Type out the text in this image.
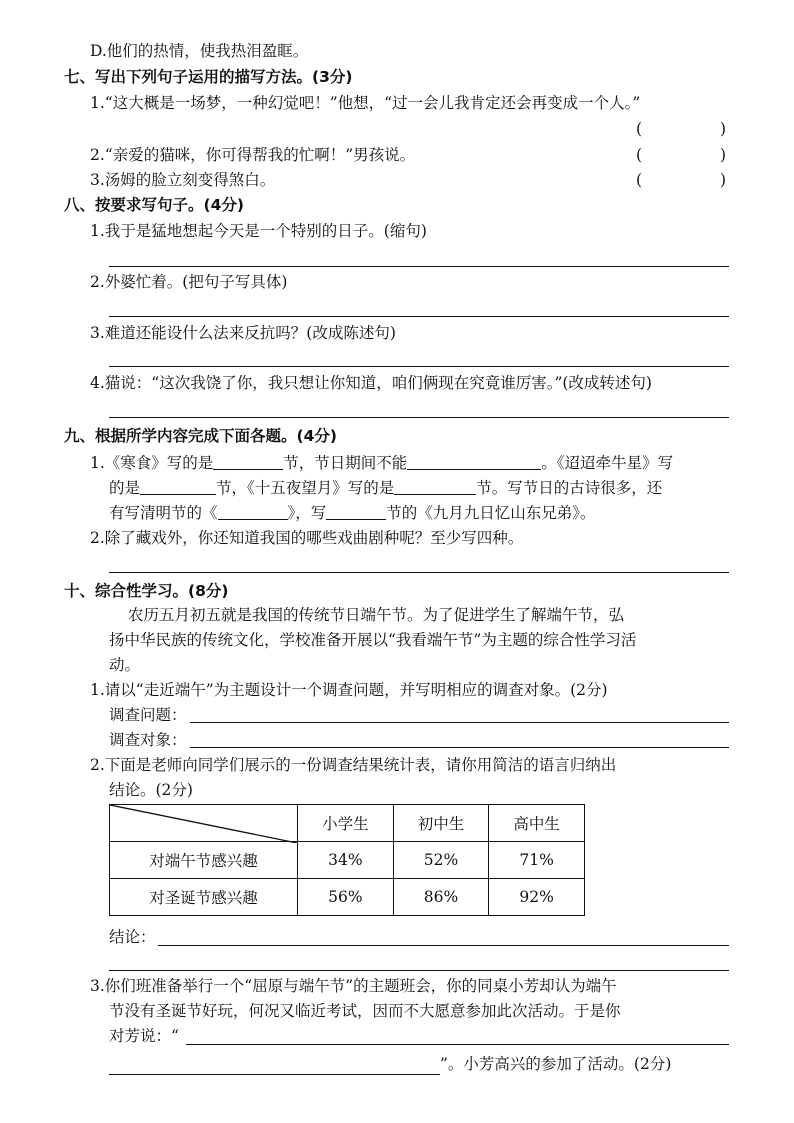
D.他们的热情，使我热泪盈眶。
七、写出下列句子运用的描写方法。(3分)
1.“这大概是一场梦，一种幻觉吧！”他想，“过一会儿我肯定还会再变成一个人。”
(	)
2.“亲爱的猫咪，你可得帮我的忙啊！”男孩说。	(	)
3.汤姆的脸立刻变得煞白。	(	)
八、按要求写句子。(4分)
1.我于是猛地想起今天是一个特别的日子。(缩句)
2.外婆忙着。(把句子写具体)
3.难道还能设什么法来反抗吗？(改成陈述句)
4.猫说：“这次我饶了你，我只想让你知道，咱们俩现在究竟谁厉害。”(改成转述句)
九、根据所学内容完成下面各题。(4分)
1.《寒食》写的是	节，节日期间不能	。《迢迢牵牛星》写
的是	节，《十五夜望月》写的是	节。写节日的古诗很多，还
有写清明节的《	》，写	节的《九月九日忆山东兄弟》。
2.除了藏戏外，你还知道我国的哪些戏曲剧种呢？至少写四种。
十、综合性学习。(8分)
农历五月初五就是我国的传统节日端午节。为了促进学生了解端午节，弘
扬中华民族的传统文化，学校准备开展以“我看端午节”为主题的综合性学习活
动。
1.请以“走近端午”为主题设计一个调查问题，并写明相应的调查对象。(2分)
调查问题：
调查对象：
2.下面是老师向同学们展示的一份调查结果统计表，请你用简洁的语言归纳出
结论。(2分)
	小学生	初中生	高中生
对端午节感兴趣	34%	52%	71%
对圣诞节感兴趣	56%	86%	92%
结论：
3.你们班准备举行一个“屈原与端午节”的主题班会，你的同桌小芳却认为端午
节没有圣诞节好玩，何况又临近考试，因而不大愿意参加此次活动。于是你
对芳说：“
”。小芳高兴的参加了活动。(2分)
